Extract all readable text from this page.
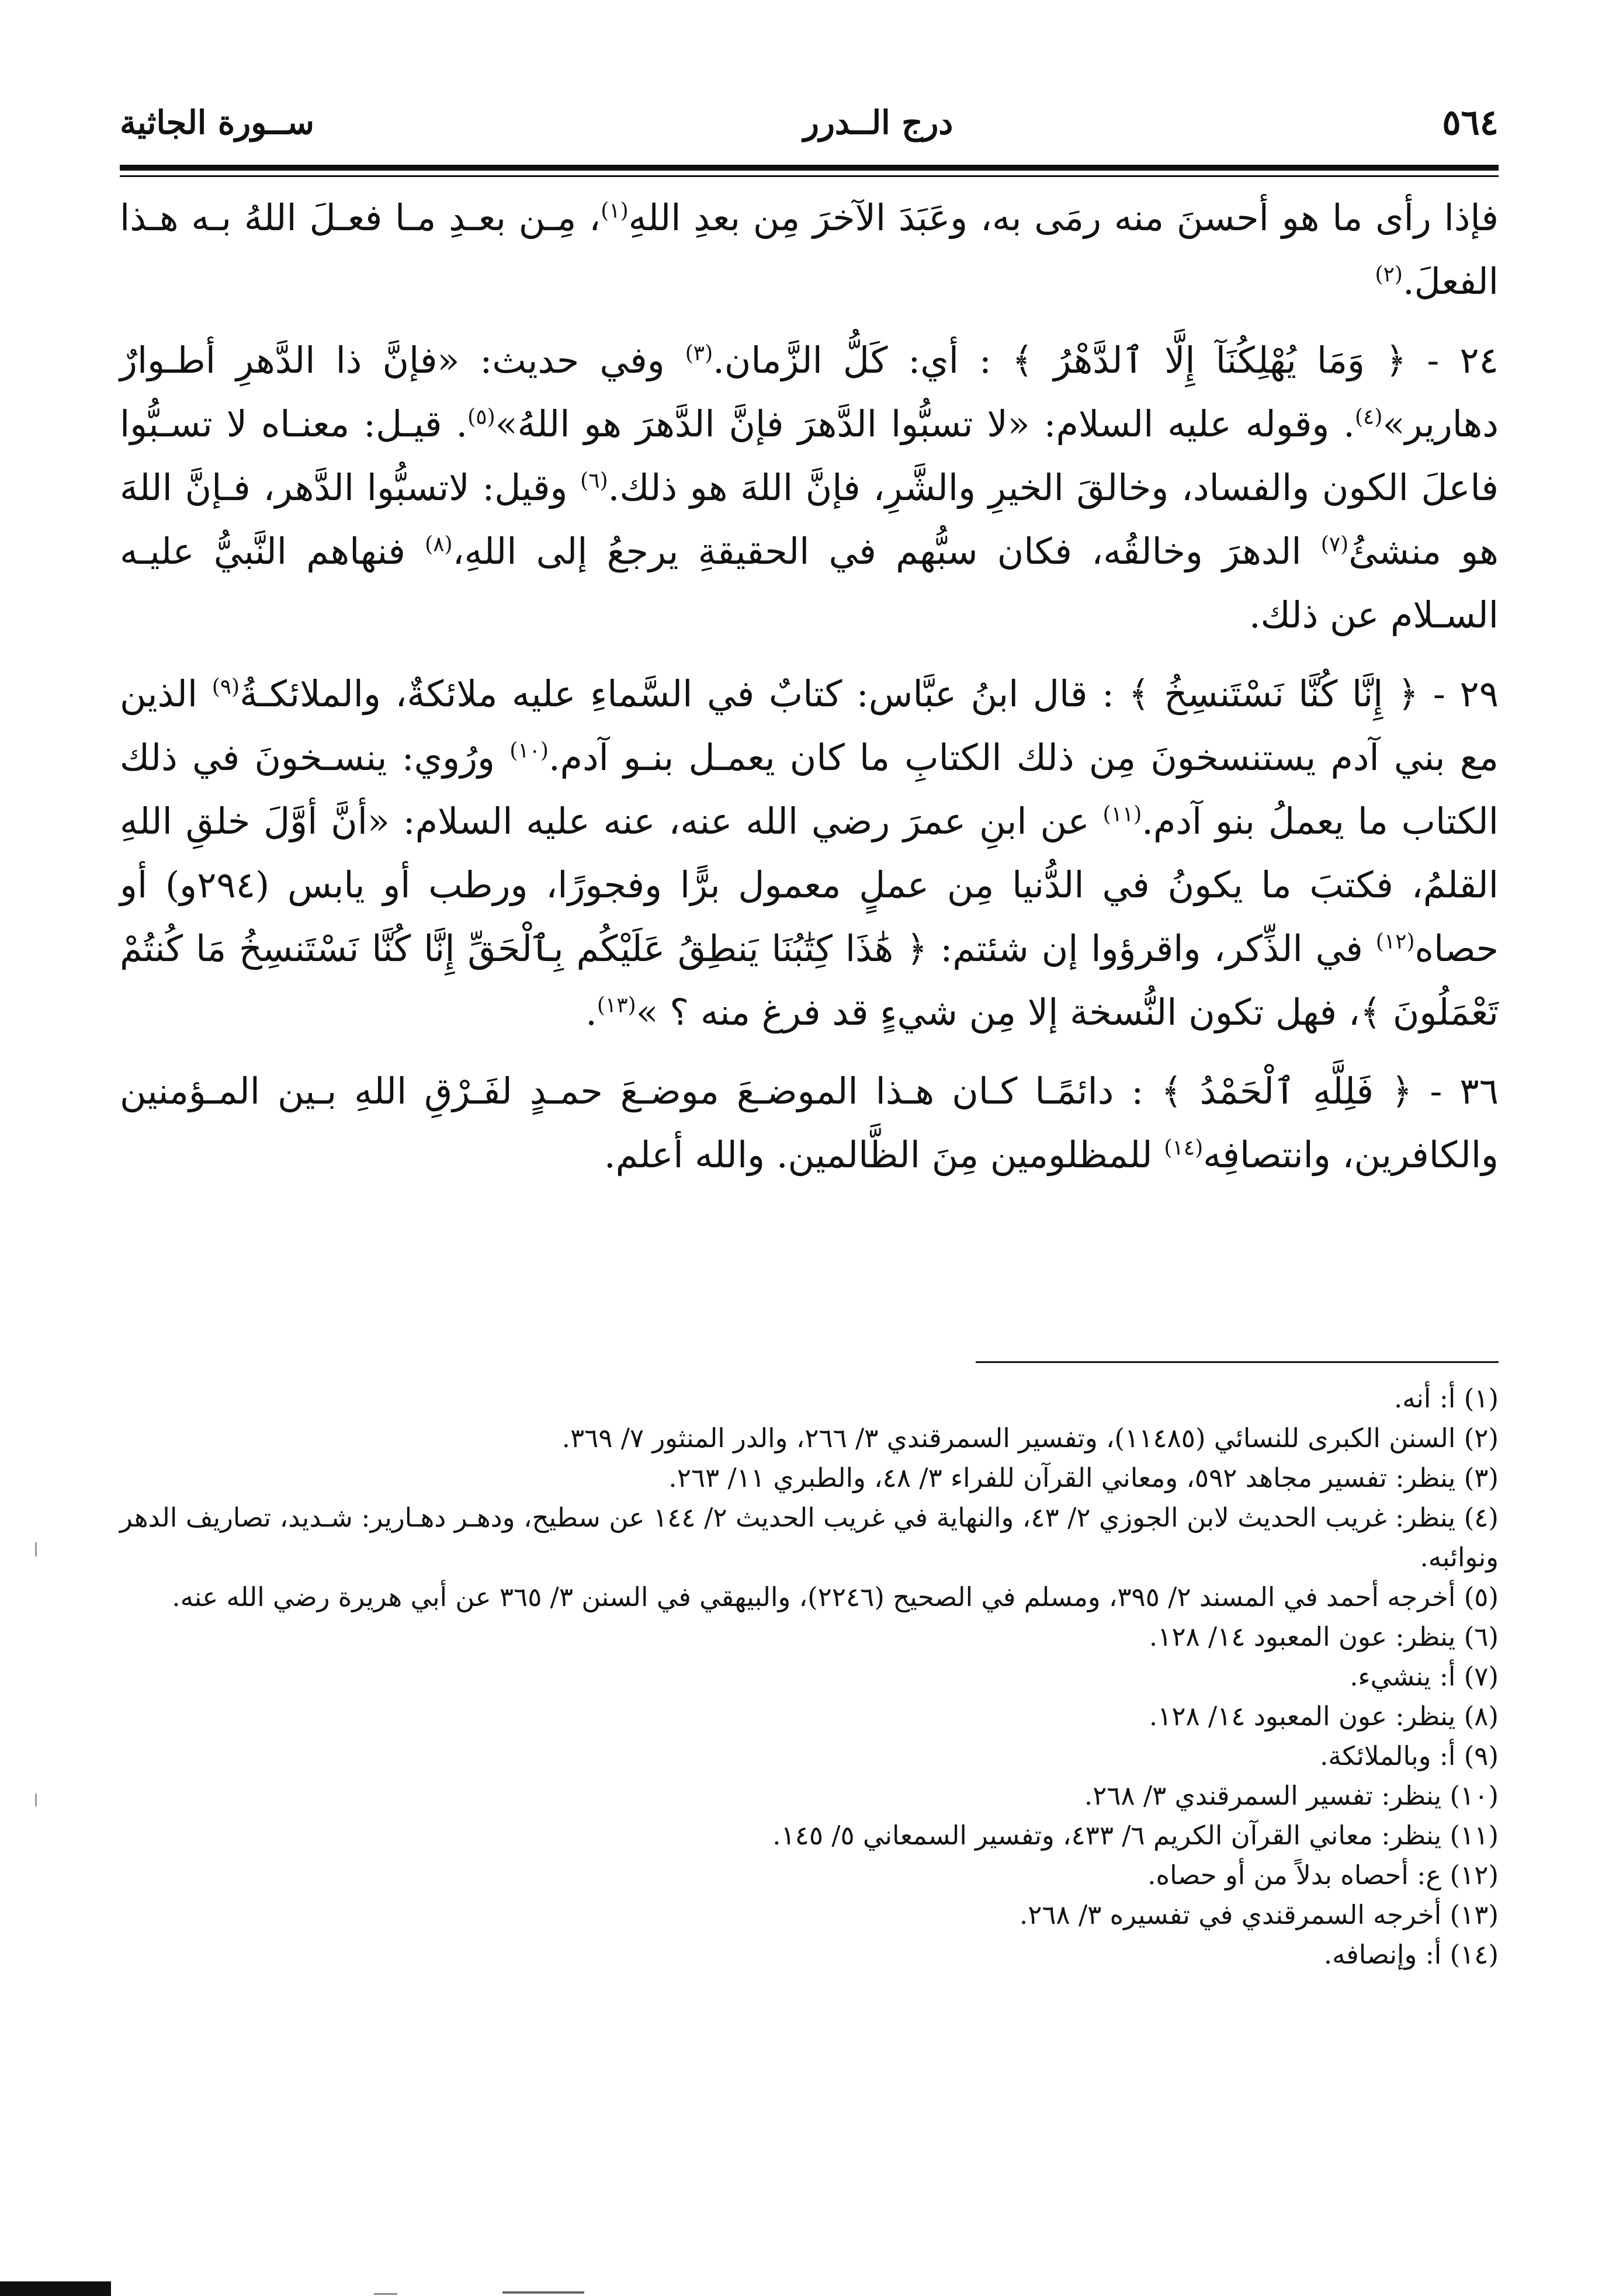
٥٦٤
درج الــدرر
ســورة الجاثية

فإذا رأى ما هو أحسنَ منه رمَى به، وعَبَدَ الآخرَ مِن بعدِ اللهِ$^{(١)}$، مِـن بعـدِ مـا فعـلَ اللهُ بـه هـذا الفعلَ.$^{(٢)}$

٢٤ - ﴿ وَمَا يُهْلِكُنَآ إِلَّا ٱلدَّهْرُ ﴾ : أي: كَلُّ الزَّمان.$^{(٣)}$ وفي حديث: «فإنَّ ذا الدَّهرِ أطـوارٌ دهارير»$^{(٤)}$. وقوله عليه السلام: «لا تسبُّوا الدَّهرَ فإنَّ الدَّهرَ هو اللهُ»$^{(٥)}$. قيـل: معنـاه لا تسـبُّوا فاعلَ الكون والفساد، وخالقَ الخيرِ والشَّرِ، فإنَّ اللهَ هو ذلك.$^{(٦)}$ وقيل: لاتسبُّوا الدَّهر، فـإنَّ اللهَ هو منشئُ$^{(٧)}$ الدهرَ وخالقُه، فكان سبُّهم في الحقيقةِ يرجعُ إلى اللهِ،$^{(٨)}$ فنهاهم النَّبيُّ عليـه السـلام عن ذلك.

٢٩ - ﴿ إِنَّا كُنَّا نَسْتَنسِخُ ﴾ : قال ابنُ عبَّاس: كتابٌ في السَّماءِ عليه ملائكةٌ، والملائكـةُ$^{(٩)}$ الذين مع بني آدم يستنسخونَ مِن ذلك الكتابِ ما كان يعمـل بنـو آدم.$^{(١٠)}$ ورُوي: ينسـخونَ في ذلك الكتاب ما يعملُ بنو آدم.$^{(١١)}$ عن ابنِ عمرَ رضي الله عنه، عنه عليه السلام: «أنَّ أوَّلَ خلقِ اللهِ القلمُ، فكتبَ ما يكونُ في الدُّنيا مِن عملٍ معمول برًّا وفجورًا، ورطب أو يابس (٢٩٤و) أو حصاه$^{(١٢)}$ في الذِّكر، واقرؤوا إن شئتم: ﴿ هَٰذَا كِتَٰبُنَا يَنطِقُ عَلَيْكُم بِٱلْحَقِّ إِنَّا كُنَّا نَسْتَنسِخُ مَا كُنتُمْ تَعْمَلُونَ ﴾، فهل تكون النُّسخة إلا مِن شيءٍ قد فرغ منه ؟ »$^{(١٣)}$.

٣٦ - ﴿ فَلِلَّهِ ٱلْحَمْدُ ﴾ : دائمًـا كـان هـذا الموضـعَ موضـعَ حمـدٍ لفَـرْقِ اللهِ بـين المـؤمنين والكافرين، وانتصافِه$^{(١٤)}$ للمظلومين مِنَ الظَّالمين. والله أعلم.

(١) أ: أنه.
(٢) السنن الكبرى للنسائي (١١٤٨٥)، وتفسير السمرقندي ٣/ ٢٦٦، والدر المنثور ٧/ ٣٦٩.
(٣) ينظر: تفسير مجاهد ٥٩٢، ومعاني القرآن للفراء ٣/ ٤٨، والطبري ١١/ ٢٦٣.
(٤) ينظر: غريب الحديث لابن الجوزي ٢/ ٤٣، والنهاية في غريب الحديث ٢/ ١٤٤ عن سطيح، ودهـر دهـارير: شـديد، تصاريف الدهر ونوائبه.
(٥) أخرجه أحمد في المسند ٢/ ٣٩٥، ومسلم في الصحيح (٢٢٤٦)، والبيهقي في السنن ٣/ ٣٦٥ عن أبي هريرة رضي الله عنه.
(٦) ينظر: عون المعبود ١٤/ ١٢٨.
(٧) أ: ينشيء.
(٨) ينظر: عون المعبود ١٤/ ١٢٨.
(٩) أ: وبالملائكة.
(١٠) ينظر: تفسير السمرقندي ٣/ ٢٦٨.
(١١) ينظر: معاني القرآن الكريم ٦/ ٤٣٣، وتفسير السمعاني ٥/ ١٤٥.
(١٢) ع: أحصاه بدلاً من أو حصاه.
(١٣) أخرجه السمرقندي في تفسيره ٣/ ٢٦٨.
(١٤) أ: وإنصافه.
